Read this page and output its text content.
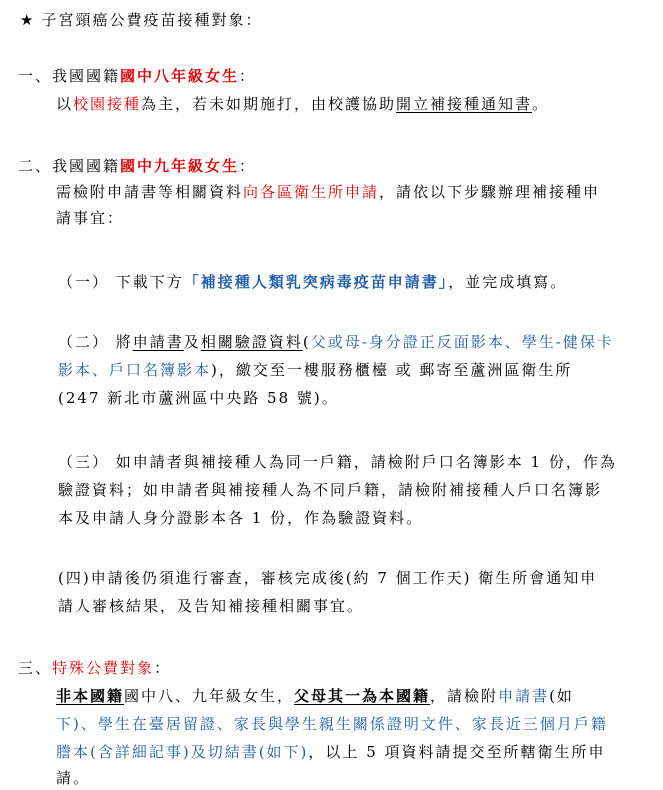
★ 子宮頸癌公費疫苗接種對象：
一、我國國籍國中八年級女生：
以校園接種為主，若未如期施打，由校護協助開立補接種通知書。
二、我國國籍國中九年級女生：
需檢附申請書等相關資料向各區衛生所申請，請依以下步驟辦理補接種申
請事宜：
（一） 下載下方「補接種人類乳突病毒疫苗申請書」，並完成填寫。
（二） 將申請書及相關驗證資料(父或母-身分證正反面影本、學生-健保卡
影本、戶口名簿影本)，繳交至一樓服務櫃檯 或 郵寄至蘆洲區衛生所
(247 新北市蘆洲區中央路 58 號)。
（三） 如申請者與補接種人為同一戶籍，請檢附戶口名簿影本 1 份，作為
驗證資料；如申請者與補接種人為不同戶籍，請檢附補接種人戶口名簿影
本及申請人身分證影本各 1 份，作為驗證資料。
(四)申請後仍須進行審查，審核完成後(約 7 個工作天) 衛生所會通知申
請人審核結果，及告知補接種相關事宜。
三、特殊公費對象：
非本國籍國中八、九年級女生，父母其一為本國籍，請檢附申請書(如
下)、學生在臺居留證、家長與學生親生關係證明文件、家長近三個月戶籍
謄本(含詳細記事)及切結書(如下)，以上 5 項資料請提交至所轄衛生所申
請。
